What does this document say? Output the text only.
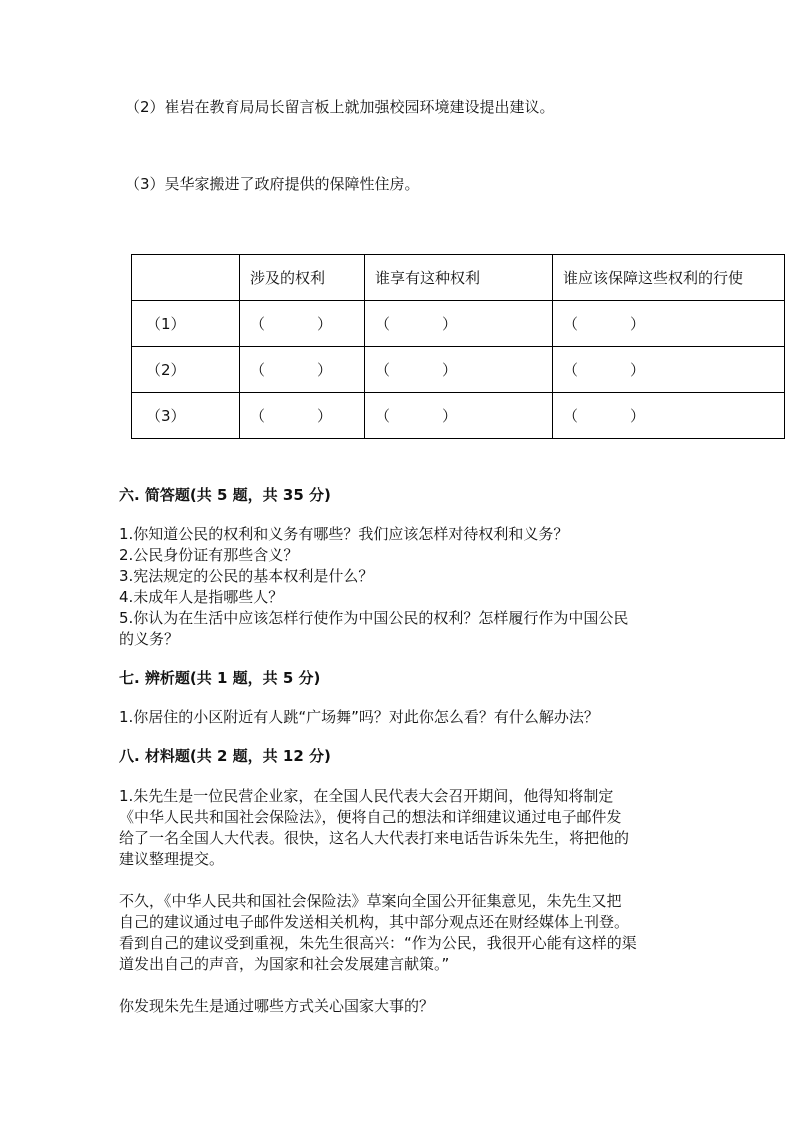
（2）崔岩在教育局局长留言板上就加强校园环境建设提出建议。
（3）吴华家搬进了政府提供的保障性住房。
	涉及的权利	谁享有这种权利	谁应该保障这些权利的行使
（1）	（ ）	（ ）	（ ）
（2）	（ ）	（ ）	（ ）
（3）	（ ）	（ ）	（ ）
六. 简答题(共 5 题，共 35 分)
1.你知道公民的权利和义务有哪些？我们应该怎样对待权利和义务？
2.公民身份证有那些含义？
3.宪法规定的公民的基本权利是什么？
4.未成年人是指哪些人？
5.你认为在生活中应该怎样行使作为中国公民的权利？怎样履行作为中国公民
的义务？
七. 辨析题(共 1 题，共 5 分)
1.你居住的小区附近有人跳“广场舞”吗？对此你怎么看？有什么解办法？
八. 材料题(共 2 题，共 12 分)
1.朱先生是一位民营企业家，在全国人民代表大会召开期间，他得知将制定
《中华人民共和国社会保险法》，便将自己的想法和详细建议通过电子邮件发
给了一名全国人大代表。很快，这名人大代表打来电话告诉朱先生，将把他的
建议整理提交。
不久，《中华人民共和国社会保险法》草案向全国公开征集意见，朱先生又把
自己的建议通过电子邮件发送相关机构，其中部分观点还在财经媒体上刊登。
看到自己的建议受到重视，朱先生很高兴：“作为公民，我很开心能有这样的渠
道发出自己的声音，为国家和社会发展建言献策。”
你发现朱先生是通过哪些方式关心国家大事的？
